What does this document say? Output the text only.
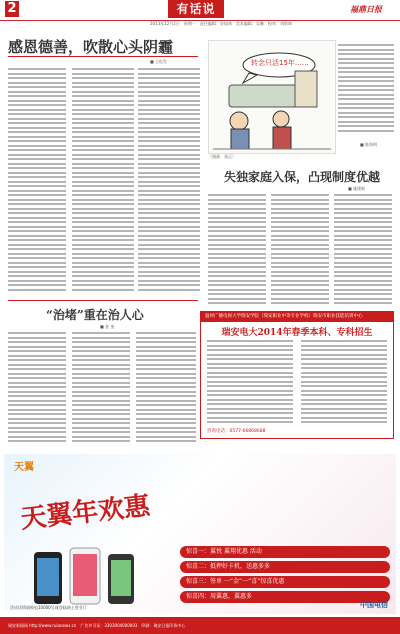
2	有话说	福鼎日报
2013年12月2日　星期一　责任编辑：宋如鸿　美术编辑：吴琳　校对：刘炳坤
感恩德善，吹散心头阴霾
■ 王松发	转念只活15年……
（漫画：张正）
■ 陈海明
失独家庭入保，凸现制度优越
■ 施建新
“治堵”重在治人心
■ 金 奎
温州广播电视大学瑞安学院（瑞安职业中等专业学校）瑞安市职业技能培训中心
瑞安电大2014年春季本科、专科招生
咨询电话：0577-66868688
天翼
天翼年欢惠
惊喜一：翼悦 翼翔优惠 活动
惊喜二：抵押好卡机，送惠多多
惊喜三：签单 一“金”一“喜”惊喜优惠
惊喜四：用翼惠，翼惠多
活动详情请致电10000号或登陆网上营业厅	中国电信
瑞安新闻网 http://www.ruianews.cn　广告许可证：3303004000003　印刷：瑞安日报印务中心
